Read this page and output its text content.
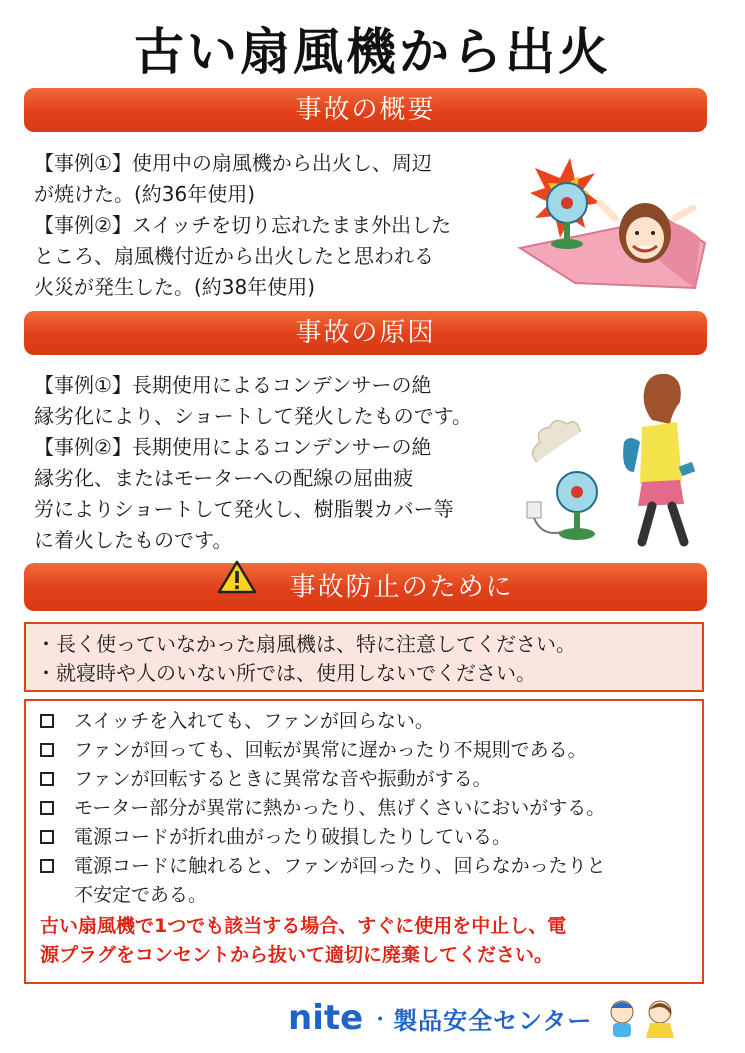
古い扇風機から出火
事故の概要

【事例①】使用中の扇風機から出火し、周辺

が焼けた。(約36年使用)

【事例②】スイッチを切り忘れたまま外出した

ところ、扇風機付近から出火したと思われる

火災が発生した。(約38年使用)

事故の原因

【事例①】長期使用によるコンデンサーの絶

縁劣化により、ショートして発火したものです。

【事例②】長期使用によるコンデンサーの絶

縁劣化、またはモーターへの配線の屈曲疲

労によりショートして発火し、樹脂製カバー等

に着火したものです。

事故防止のために

・長く使っていなかった扇風機は、特に注意してください。

・就寝時や人のいない所では、使用しないでください。

スイッチを入れても、ファンが回らない。
ファンが回っても、回転が異常に遅かったり不規則である。
ファンが回転するときに異常な音や振動がする。
モーター部分が異常に熱かったり、焦げくさいにおいがする。
電源コードが折れ曲がったり破損したりしている。
電源コードに触れると、ファンが回ったり、回らなかったりと
不安定である。
古い扇風機で1つでも該当する場合、すぐに使用を中止し、電
源プラグをコンセントから抜いて適切に廃棄してください。
nite ・ 製品安全センター
